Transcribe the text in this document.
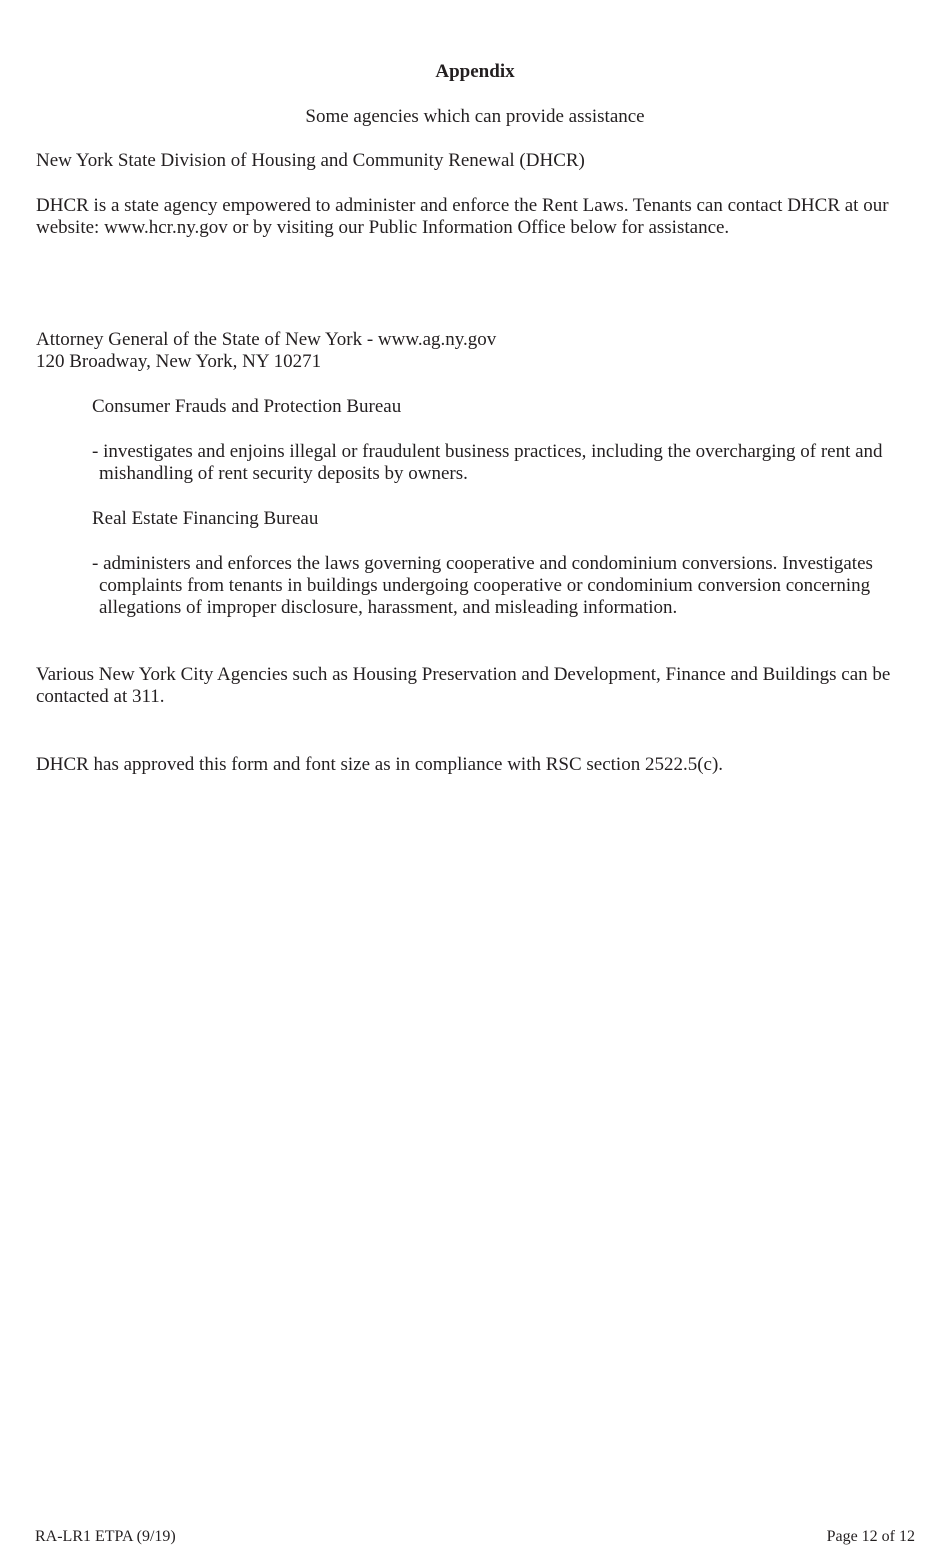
Appendix
Some agencies which can provide assistance
New York State Division of Housing and Community Renewal (DHCR)
DHCR is a state agency empowered to administer and enforce the Rent Laws. Tenants can contact DHCR at our
website: www.hcr.ny.gov or by visiting our Public Information Office below for assistance.
Attorney General of the State of New York - www.ag.ny.gov
120 Broadway, New York, NY 10271
Consumer Frauds and Protection Bureau
- investigates and enjoins illegal or fraudulent business practices, including the overcharging of rent and
mishandling of rent security deposits by owners.
Real Estate Financing Bureau
- administers and enforces the laws governing cooperative and condominium conversions. Investigates
complaints from tenants in buildings undergoing cooperative or condominium conversion concerning
allegations of improper disclosure, harassment, and misleading information.
Various New York City Agencies such as Housing Preservation and Development, Finance and Buildings can be
contacted at 311.
DHCR has approved this form and font size as in compliance with RSC section 2522.5(c).
RA-LR1 ETPA (9/19)	Page 12 of 12
